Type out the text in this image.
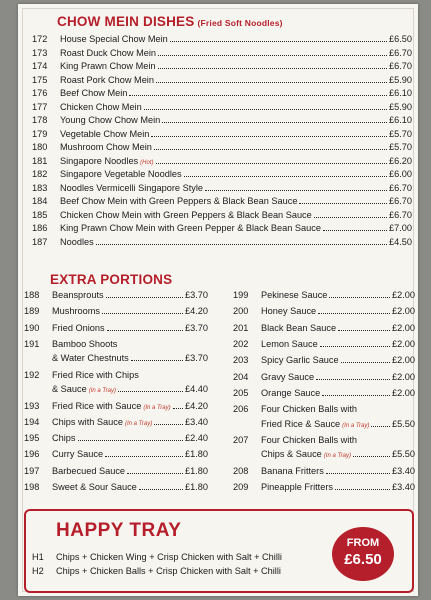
CHOW MEIN DISHES (Fried Soft Noodles)
EXTRA PORTIONS
HAPPY TRAY
FROM
£6.50
172	House Special Chow Mein	£6.50
173	Roast Duck Chow Mein	£6.70
174	King Prawn Chow Mein	£6.70
175	Roast Pork Chow Mein	£5.90
176	Beef Chow Mein	£6.10
177	Chicken Chow Mein	£5.90
178	Young Chow Chow Mein	£6.10
179	Vegetable Chow Mein	£5.70
180	Mushroom Chow Mein	£5.70
181	Singapore Noodles (Hot)	£6.20
182	Singapore Vegetable Noodles	£6.00
183	Noodles Vermicelli Singapore Style	£6.70
184	Beef Chow Mein with Green Peppers & Black Bean Sauce	£6.70
185	Chicken Chow Mein with Green Peppers & Black Bean Sauce	£6.70
186	King Prawn Chow Mein with Green Pepper & Black Bean Sauce	£7.00
187	Noodles	£4.50
188	Beansprouts	£3.70
189	Mushrooms	£4.20
190	Fried Onions	£3.70
191 Bamboo Shoots
& Water Chestnuts	£3.70
192 Fried Rice with Chips
& Sauce (In a Tray)	£4.40
193	Fried Rice with Sauce (In a Tray) £4.20
194	Chips with Sauce (In a Tray)	£3.40
195	Chips	£2.40
196	Curry Sauce	£1.80
197	Barbecued Sauce	£1.80
198	Sweet & Sour Sauce	£1.80
199	Pekinese Sauce	£2.00
200	Honey Sauce	£2.00
201	Black Bean Sauce	£2.00
202	Lemon Sauce	£2.00
203	Spicy Garlic Sauce	£2.00
204	Gravy Sauce	£2.00
205	Orange Sauce	£2.00
206 Four Chicken Balls with
Fried Rice & Sauce (In a Tray) £5.50
207 Four Chicken Balls with
Chips & Sauce (In a Tray)	£5.50
208	Banana Fritters	£3.40
209	Pineapple Fritters	£3.40
H1 Chips + Chicken Wing + Crisp Chicken with Salt + Chilli
H2 Chips + Chicken Balls + Crisp Chicken with Salt + Chilli
